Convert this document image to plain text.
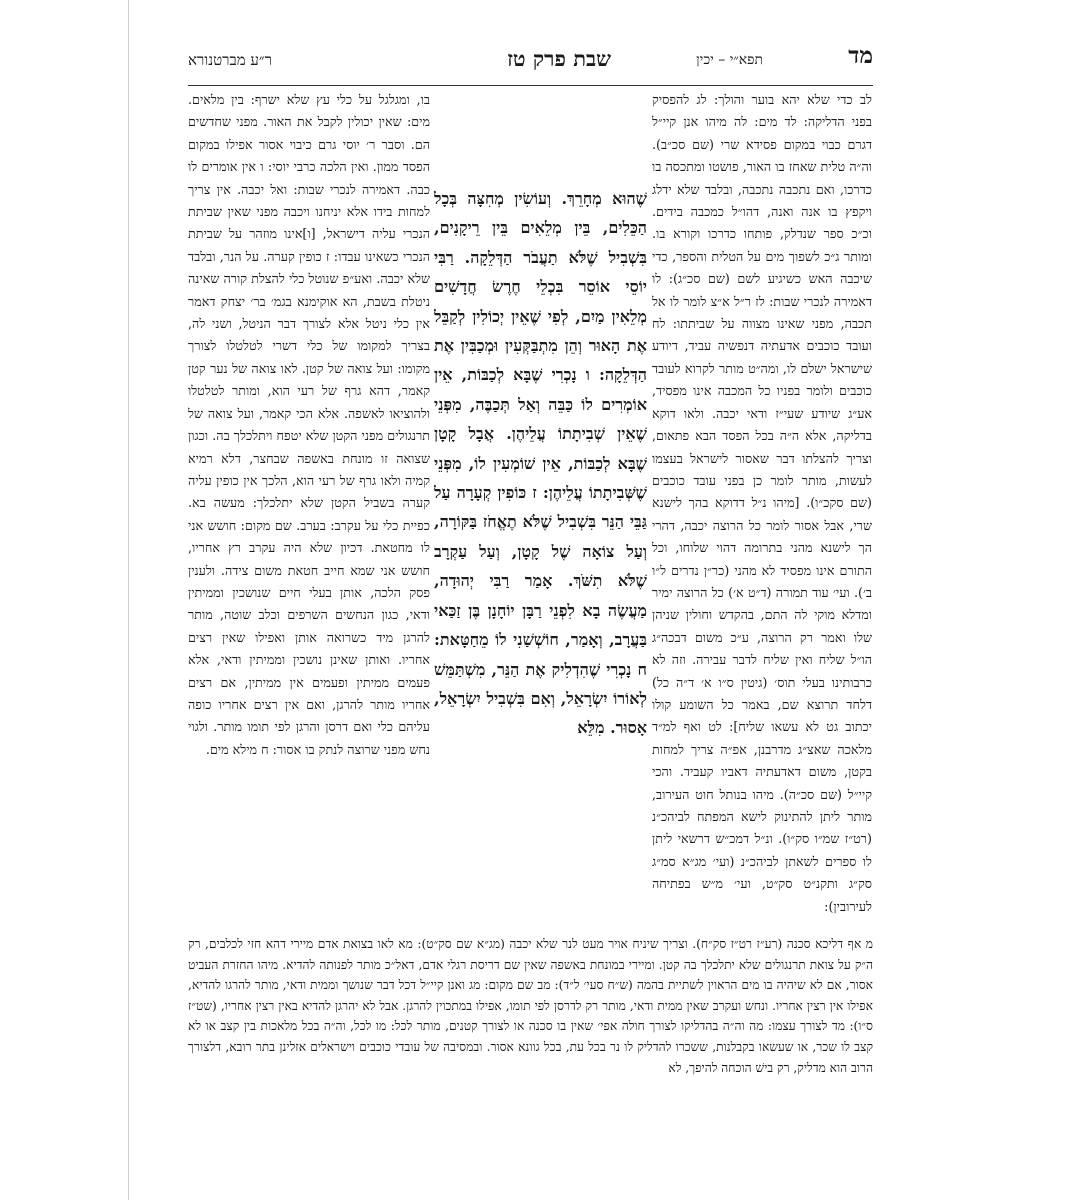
מד
תפא״י – יכין
שבת פרק טז
ר״ע מברטנורא

לב כדי שלא יהא בוער והולך: לג להפסיק בפני הדליקה: לד מים: לה מיהו אנן קיי״ל דגרם כבוי במקום פסידא שרי (שם סכ״ב). וה״ה טלית שאחז בו האור, פושטו ומתכסה בו כדרכו, ואם נתכבה נתכבה, ובלבד שלא ידלג ויקפץ בו אנה ואנה, דהו״ל כמכבה בידים. וכ״כ ספר שנדלק, פותחו כדרכו וקורא בו. ומותר ג״כ לשפוך מים על הטלית והספר, כדי שיכבה האש כשיגיע לשם (שם סכ״ג): לו דאמירה לנכרי שבות: לז ר״ל א״צ לומר לו אל תכבה, מפני שאינו מצווה על שביתתו: לח ועובד כוכבים אדעתיה דנפשיה עביד, דיודע שישראל ישלם לו, ומה״ט מותר לקרוא לעובד כוכבים ולומר בפניו כל המכבה אינו מפסיד, אע״ג שיודע שעי״ז ודאי יכבה. ולאו דוקא בדליקה, אלא ה״ה בכל הפסד הבא פתאום, וצריך להצלתו דבר שאסור לישראל בעצמו לעשות, מותר לומר כן בפני עובד כוכבים (שם סקכ״ו). [מיהו נ״ל דדוקא בהך לישנא שרי, אבל אסור לומר כל הרוצה יכבה, דהרי הך לישנא מהני בתרומה דהוי שלוחו, וכל התורם אינו מפסיד לא מהני (כר״ן נדרים ל״ו ב׳). ועי׳ עוד תמורה (ד״ט א׳) כל הרוצה ימיר ומדלא מוקי לה התם, בהקדש וחולין שניהן שלו ואמר רק הרוצה, ע״כ משום דבכה״ג הו״ל שליח ואין שליח לדבר עבירה. וזה לא כרבותינו בעלי תוס׳ (גיטין ס״ו א׳ ד״ה כל) דלחד תרוצא שם, באמר כל השומע קולו יכתוב גט לא עשאו שליח]: לט ואף למ״ד מלאכה שאצ״ג מדרבנן, אפ״ה צריך למחות בקטן, משום דאדעתיה דאביו קעביד. והכי קיי״ל (שם סכ״ה). מיהו בנותל חוט העירוב, מותר ליתן להתינוק לישא המפתח לביהכ״נ (רט״ז שמ״ו סק״ו). ונ״ל דמכ״ש דרשאי ליתן לו ספרים לשאתן לביהכ״נ (ועי׳ מג״א סמ״ג סק״ג ותקנ״ט סק״ט, ועי׳ מ״ש בפתיחה לעירובין):

שֶׁהוּא מְחָרֵךְ. וְעוֹשִׂין מְחִצָּה בְּכָל הַכֵּלִים, בֵּין מְלֵאִים בֵּין רֵיקָנִים, בִּשְׁבִיל שֶׁלֹּא תַעֲבֹר הַדְּלֵקָה. רַבִּי יוֹסֵי אוֹסֵר בִּכְלֵי חֶרֶשׂ חֲדָשִׁים מְלֵאִין מַיִם, לְפִי שֶׁאֵין יְכוֹלִין לְקַבֵּל אֶת הָאוּר וְהֵן מִתְבַּקְּעִין וּמְכַבִּין אֶת הַדְּלֵקָה: ו נָכְרִי שֶׁבָּא לְכַבּוֹת, אֵין אוֹמְרִים לוֹ כַּבֵּה וְאַל תְּכַבֶּה, מִפְּנֵי שֶׁאֵין שְׁבִיתָתוֹ עֲלֵיהֶן. אֲבָל קָטָן שֶׁבָּא לְכַבּוֹת, אֵין שׁוֹמְעִין לוֹ, מִפְּנֵי שֶׁשְּׁבִיתָתוֹ עֲלֵיהֶן: ז כּוֹפִין קְעָרָה עַל גַּבֵּי הַנֵּר בִּשְׁבִיל שֶׁלֹּא תֶאֱחֹז בַּקּוֹרָה, וְעַל צוֹאָה שֶׁל קָטָן, וְעַל עַקְרָב שֶׁלֹּא תִשֹּׁךְ. אָמַר רַבִּי יְהוּדָה, מַעֲשֶׂה בָא לִפְנֵי רַבָּן יוֹחָנָן בֶּן זַכַּאי בַּעֲרָב, וְאָמַר, חוֹשְׁשַׁנִי לוֹ מֵחַטָּאת: ח נָכְרִי שֶׁהִדְלִיק אֶת הַנֵּר, מִשְׁתַּמֵּשׁ לְאוֹרוֹ יִשְׂרָאֵל, וְאִם בִּשְׁבִיל יִשְׂרָאֵל, אָסוּר. מִלֵּא

בו, ומגלגל על כלי עץ שלא ישרף: בין מלאים. מים: שאין יכולין לקבל את האור. מפני שחדשים הם. וסבר ר׳ יוסי גרם כיבוי אסור אפילו במקום הפסד ממון. ואין הלכה כרבי יוסי: ו אין אומרים לו כבה. דאמירה לנכרי שבות: ואל יכבה. אין צריך למחות בידו אלא יניחנו ויכבה מפני שאין שביתת הנכרי עליה דישראל, [ו]אינו מוזהר על שביתת הנכרי כשאינו עבדו: ז כופין קערה. על הנר, ובלבד שלא יכבה. ואע״פ שנוטל כלי להצלת קורה שאינה ניטלת בשבת, הא אוקימנא בגמ׳ בר׳ יצחק דאמר אין כלי ניטל אלא לצורך דבר הניטל, ושני לה, בצריך למקומו של כלי דשרי לטלטלו לצורך מקומו: ועל צואה של קטן. לאו צואה של נער קטן קאמר, דהא גרף של רעי הוא, ומותר לטלטלו ולהוציאו לאשפה. אלא הכי קאמר, ועל צואה של תרנגולים מפני הקטן שלא יטפח ויתלכלך בה. וכגון שצואה זו מונחת באשפה שבחצר, דלא רמיא קמיה ולאו גרף של רעי הוא, הלכך אין כופין עליה קערה בשביל הקטן שלא יתלכלך: מעשה בא. כפיית כלי על עקרב: בערב. שם מקום: חושש אני לו מחטאת. דכיון שלא היה עקרב רץ אחריו, חושש אני שמא חייב חטאת משום צידה. ולענין פסק הלכה, אותן בעלי חיים שנושכין וממיתין ודאי, כגון הנחשים השרפים וכלב שוטה, מותר להרגן מיד כשרואה אותן ואפילו שאין רצים אחריו. ואותן שאינן נושכין וממיתין ודאי, אלא פעמים ממיתין ופעמים אין ממיתין, אם רצים אחריו מותר להרגן, ואם אין רצים אחריו כופה עליהם כלי ואם דרסן והרגן לפי תומו מותר. ולגוי נחש מפני שרוצה לנתק בו אסור: ח מילא מים.

מ אף דליכא סכנה (רע״ז רט״ז סק״ח). וצריך שיניח אויר מעט לנר שלא יכבה (מג״א שם סק״ט): מא לאו בצואת אדם מיירי דהא חזי לכלבים, רק ה״ק על צואת תרנגולים שלא יתלכלך בה קטן. ומיירי במונחת באשפה שאין שם דריסת רגלי אדם, דאל״כ מותר לפנותה להדיא. מיהו החזרת העביט אסור, אם לא שיהיה בו מים הראוין לשתיית בהמה (ש״ח סעי׳ ל״ד): מב שם מקום: מג ואנן קיי״ל דכל דבר שנושך וממית ודאי, מותר להרגו להדיא, אפילו אין רצין אחריו. ונחש ועקרב שאין ממית ודאי, מותר רק לדרסן לפי תומו, אפילו במתכוין להרגן. אבל לא יהרגן להדיא באין רצין אחריו, (שט״ז ס״ו): מד לצורך עצמו: מה וה״ה בהדליקו לצורך חולה אפי׳ שאין בו סכנה או לצורך קטנים, מותר לכל: מו לכל, וה״ה בכל מלאכות בין קצב או לא קצב לו שכר, או שעשאו בקבלנות, ששכרו להדליק לו נר בכל עת, בכל גוונא אסור. ובמסיבה של עובדי כוכבים וישראלים אזלינן בתר רובא, דלצורך הרוב הוא מדליק, רק בישׁ הוכחה להיפך, לא
